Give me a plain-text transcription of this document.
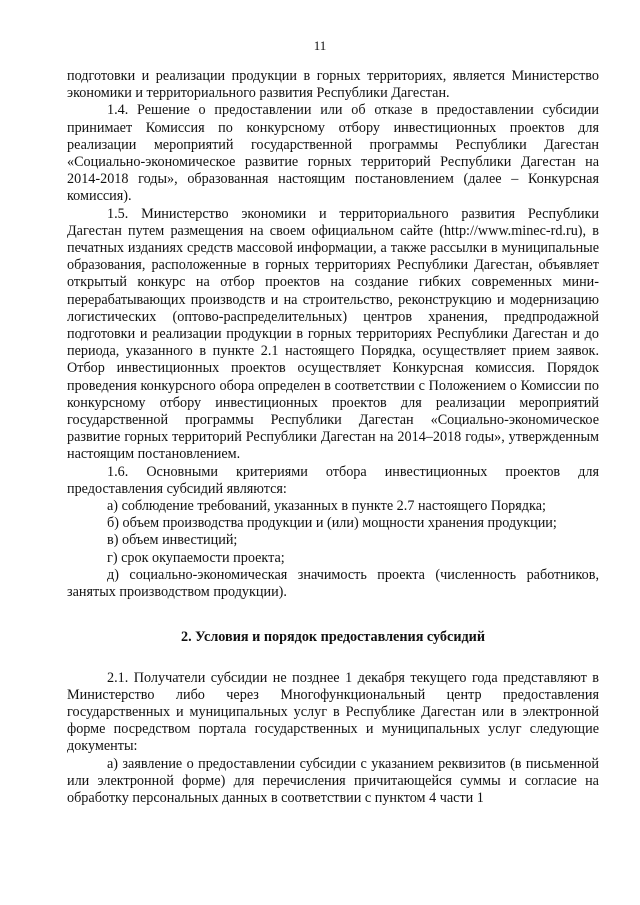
11

подготовки и реализации продукции в горных территориях, является Министерство экономики и территориального развития Республики Дагестан.

1.4. Решение о предоставлении или об отказе в предоставлении субсидии принимает Комиссия по конкурсному отбору инвестиционных проектов для реализации мероприятий государственной программы Республики Дагестан «Социально-экономическое развитие горных территорий Республики Дагестан на 2014-2018 годы», образованная настоящим постановлением (далее – Конкурсная комиссия).

1.5. Министерство экономики и территориального развития Республики Дагестан путем размещения на своем официальном сайте (http://www.minec-rd.ru), в печатных изданиях средств массовой информации, а также рассылки в муниципальные образования, расположенные в горных территориях Республики Дагестан, объявляет открытый конкурс на отбор проектов на создание гибких современных мини-перерабатывающих производств и на строительство, реконструкцию и модернизацию логистических (оптово-распределительных) центров хранения, предпродажной подготовки и реализации продукции в горных территориях Республики Дагестан и до периода, указанного в пункте 2.1 настоящего Порядка, осуществляет прием заявок. Отбор инвестиционных проектов осуществляет Конкурсная комиссия. Порядок проведения конкурсного обора определен в соответствии с Положением о Комиссии по конкурсному отбору инвестиционных проектов для реализации мероприятий государственной программы Республики Дагестан «Социально-экономическое развитие горных территорий Республики Дагестан на 2014–2018 годы», утвержденным настоящим постановлением.

1.6. Основными критериями отбора инвестиционных проектов для предоставления субсидий являются:

а) соблюдение требований, указанных в пункте 2.7 настоящего Порядка;

б) объем производства продукции и (или) мощности хранения продукции;

в) объем инвестиций;

г) срок окупаемости проекта;

д) социально-экономическая значимость проекта (численность работников, занятых производством продукции).

2. Условия и порядок предоставления субсидий

2.1. Получатели субсидии не позднее 1 декабря текущего года представляют в Министерство либо через Многофункциональный центр предоставления государственных и муниципальных услуг в Республике Дагестан или в электронной форме посредством портала государственных и муниципальных услуг следующие документы:

а) заявление о предоставлении субсидии с указанием реквизитов (в письменной или электронной форме) для перечисления причитающейся суммы и согласие на обработку персональных данных в соответствии с пунктом 4 части 1
